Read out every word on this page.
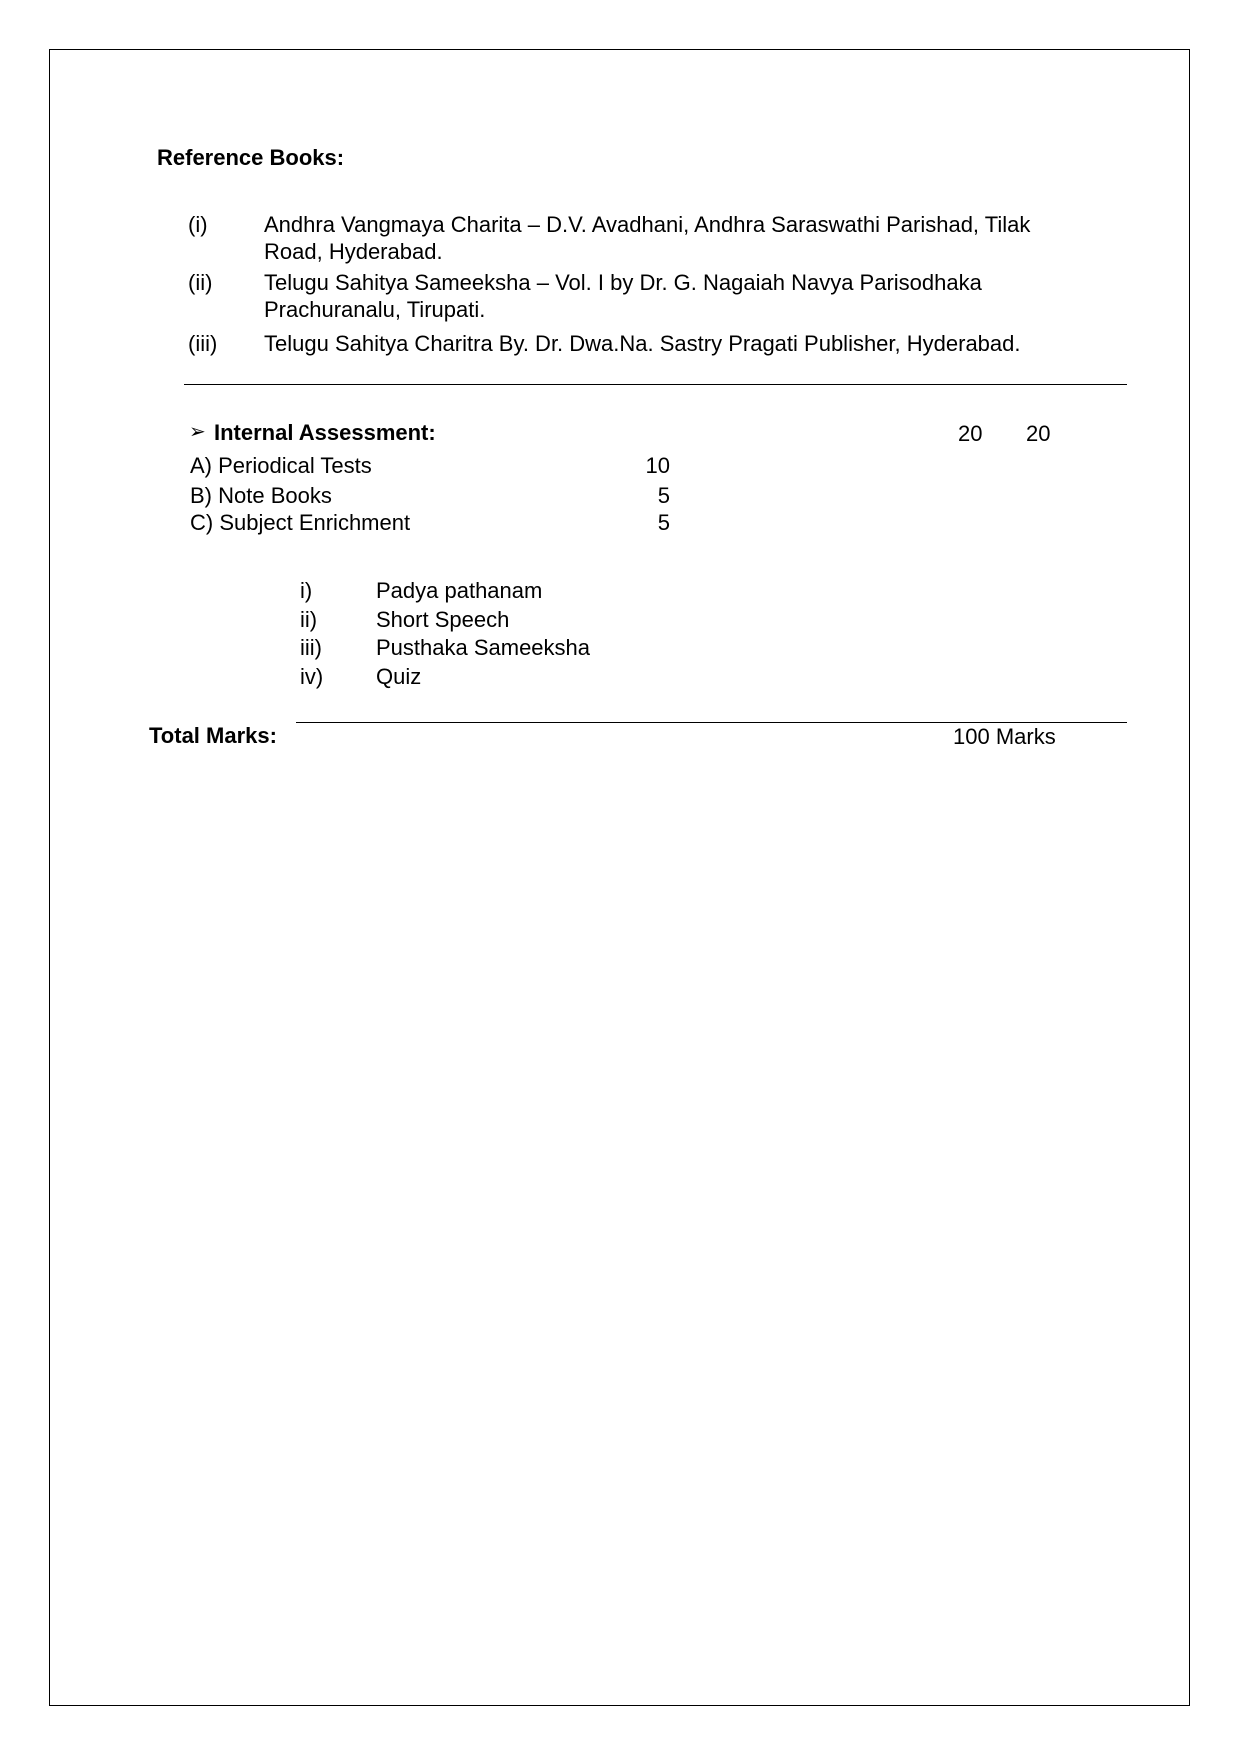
Reference Books:
(i)	Andhra Vangmaya Charita – D.V. Avadhani, Andhra Saraswathi Parishad, Tilak
Road, Hyderabad.
(ii) Telugu Sahitya Sameeksha – Vol. I by Dr. G. Nagaiah Navya Parisodhaka
Prachuranalu, Tirupati.
(iii) Telugu Sahitya Charitra By. Dr. Dwa.Na. Sastry Pragati Publisher, Hyderabad.
➢ Internal Assessment:	20 20
A) Periodical Tests	10
B) Note Books	5
C) Subject Enrichment	5
i)	Padya pathanam
ii)	Short Speech
iii) Pusthaka Sameeksha
iv) Quiz
Total Marks:	100 Marks
